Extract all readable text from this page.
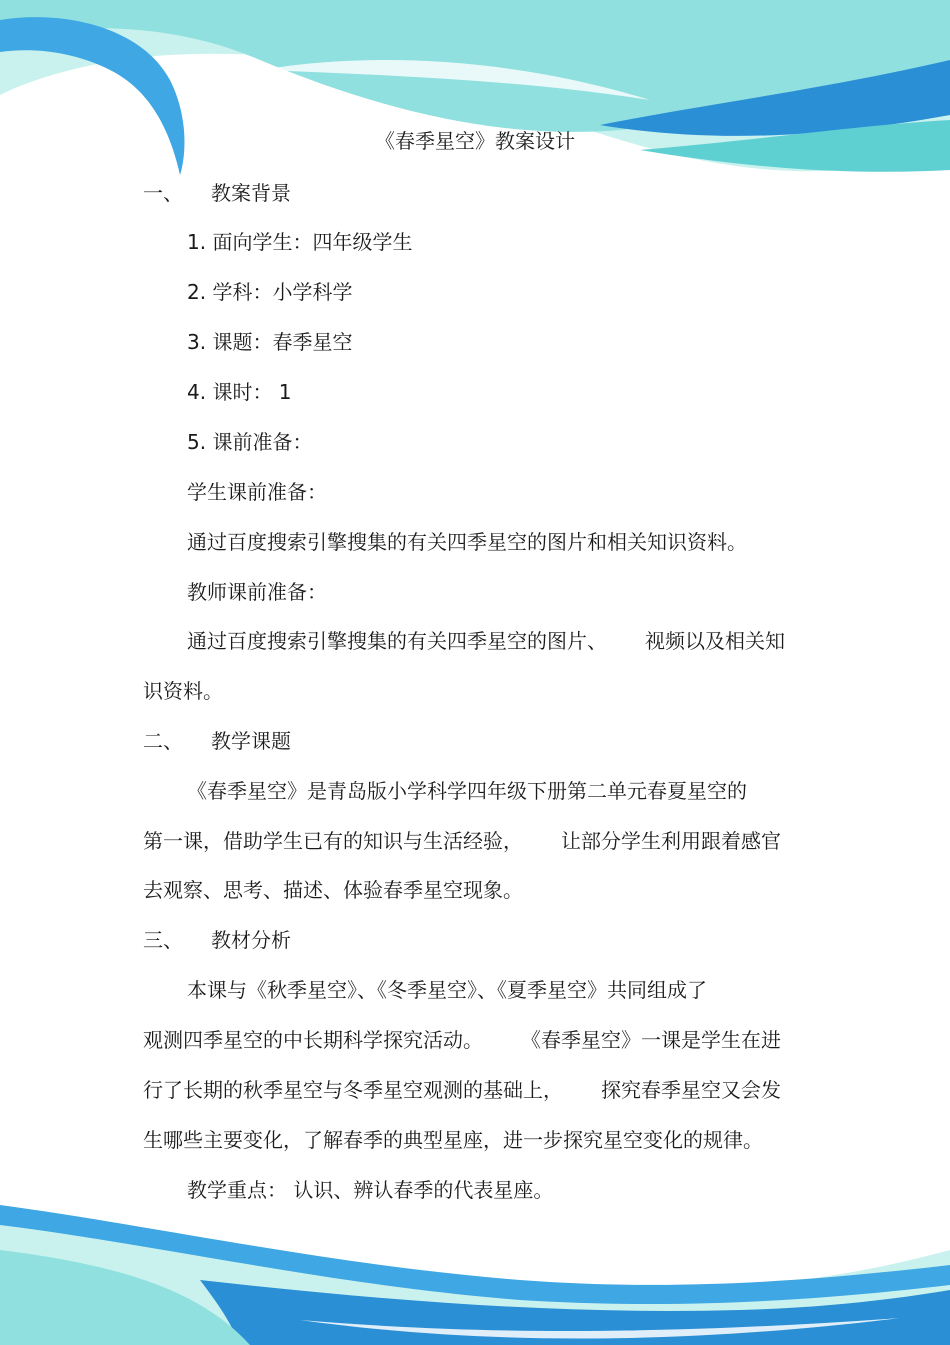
《春季星空》教案设计
一、 教案背景
1. 面向学生：四年级学生
2. 学科：小学科学
3. 课题：春季星空
4. 课时： 1
5. 课前准备：
学生课前准备：
通过百度搜索引擎搜集的有关四季星空的图片和相关知识资料。
教师课前准备：
通过百度搜索引擎搜集的有关四季星空的图片、 视频以及相关知
识资料。
二、 教学课题
《春季星空》是青岛版小学科学四年级下册第二单元春夏星空的
第一课，借助学生已有的知识与生活经验， 让部分学生利用跟着感官
去观察、思考、描述、体验春季星空现象。
三、 教材分析
本课与《秋季星空》、《冬季星空》、《夏季星空》共同组成了
观测四季星空的中长期科学探究活动。 《春季星空》一课是学生在进
行了长期的秋季星空与冬季星空观测的基础上， 探究春季星空又会发
生哪些主要变化，了解春季的典型星座，进一步探究星空变化的规律。
教学重点： 认识、辨认春季的代表星座。
